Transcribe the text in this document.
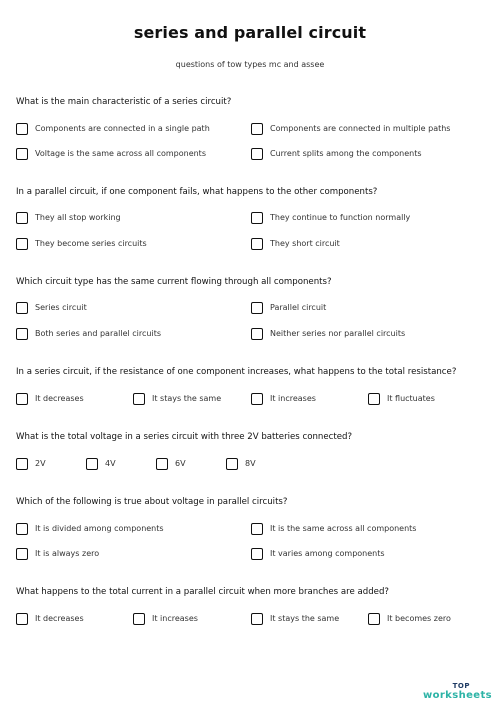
series and parallel circuit
questions of tow types mc and assee

What is the main characteristic of a series circuit?

Components are connected in a single path	Components are connected in multiple paths
Voltage is the same across all components	Current splits among the components

In a parallel circuit, if one component fails, what happens to the other components?

They all stop working	They continue to function normally
They become series circuits	They short circuit

Which circuit type has the same current flowing through all components?

Series circuit	Parallel circuit
Both series and parallel circuits	Neither series nor parallel circuits

In a series circuit, if the resistance of one component increases, what happens to the total resistance?

It decreases	It stays the same	It increases	It fluctuates

What is the total voltage in a series circuit with three 2V batteries connected?

2V	4V	6V	8V

Which of the following is true about voltage in parallel circuits?

It is divided among components	It is the same across all components
It is always zero	It varies among components

What happens to the total current in a parallel circuit when more branches are added?

It decreases	It increases	It stays the same	It becomes zero
TOP
worksheets
